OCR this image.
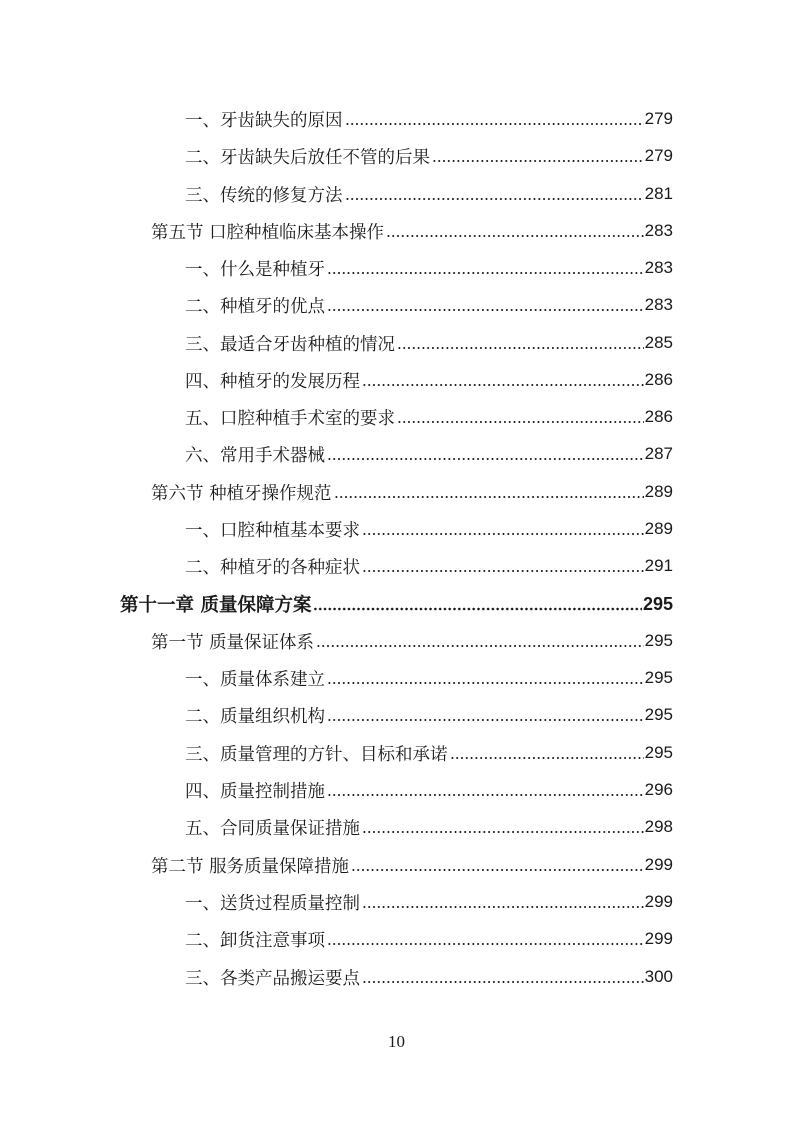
一、牙齿缺失的原因	279
二、牙齿缺失后放任不管的后果	279
三、传统的修复方法	281
第五节 口腔种植临床基本操作	283
一、什么是种植牙	283
二、种植牙的优点	283
三、最适合牙齿种植的情况	285
四、种植牙的发展历程	286
五、口腔种植手术室的要求	286
六、常用手术器械	287
第六节 种植牙操作规范	289
一、口腔种植基本要求	289
二、种植牙的各种症状	291
第十一章 质量保障方案	295
第一节 质量保证体系	295
一、质量体系建立	295
二、质量组织机构	295
三、质量管理的方针、目标和承诺	295
四、质量控制措施	296
五、合同质量保证措施	298
第二节 服务质量保障措施	299
一、送货过程质量控制	299
二、卸货注意事项	299
三、各类产品搬运要点	300
10
